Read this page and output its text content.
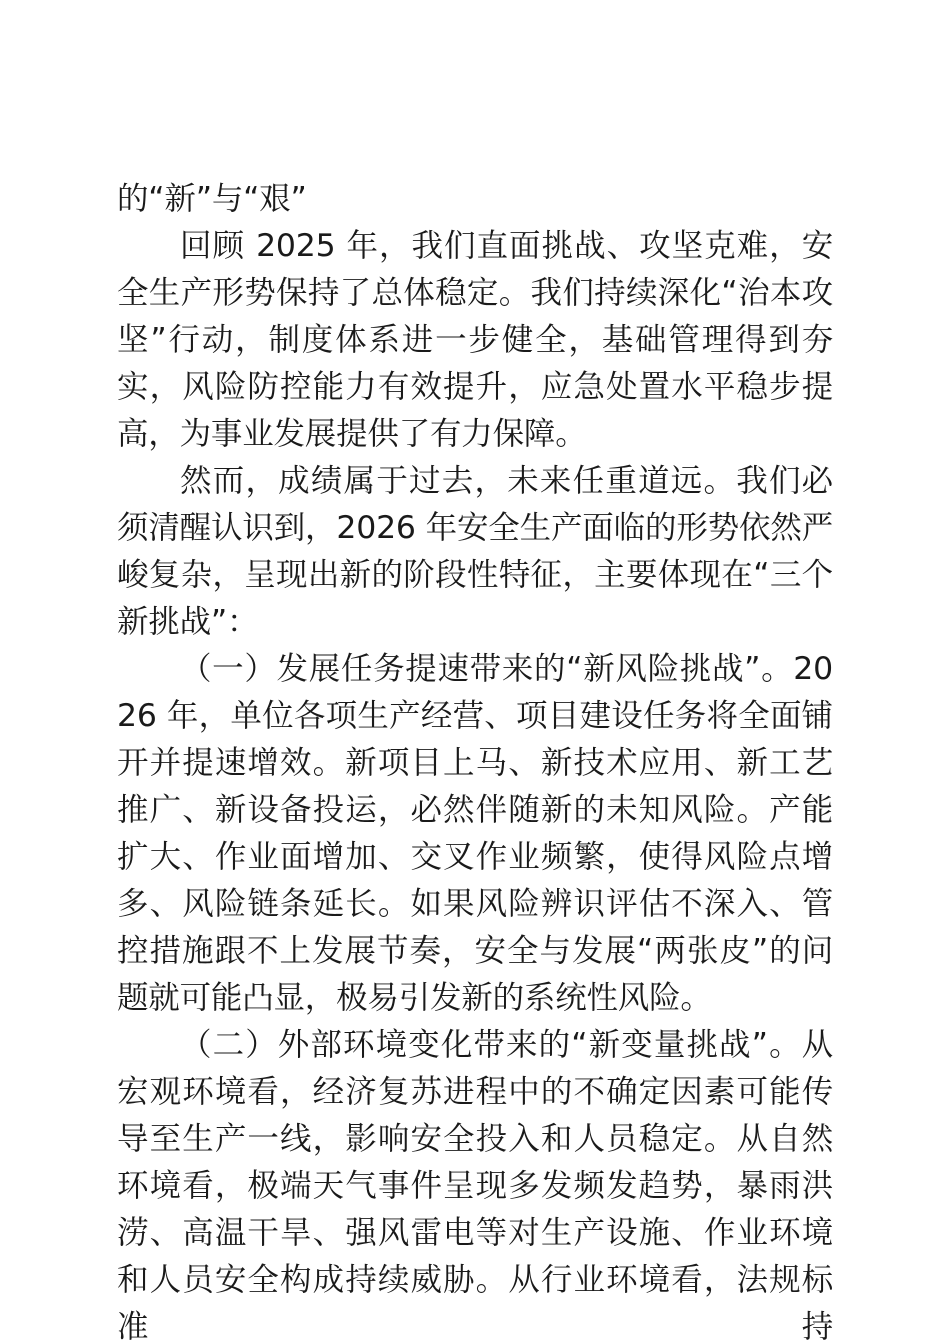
的“新”与“艰”

回顾 2025 年，我们直面挑战、攻坚克难，安全生产形势保持了总体稳定。我们持续深化“治本攻坚”行动，制度体系进一步健全，基础管理得到夯实，风险防控能力有效提升，应急处置水平稳步提高，为事业发展提供了有力保障。

然而，成绩属于过去，未来任重道远。我们必须清醒认识到，2026 年安全生产面临的形势依然严峻复杂，呈现出新的阶段性特征，主要体现在“三个新挑战”：

（一）发展任务提速带来的“新风险挑战”。2026 年，单位各项生产经营、项目建设任务将全面铺开并提速增效。新项目上马、新技术应用、新工艺推广、新设备投运，必然伴随新的未知风险。产能扩大、作业面增加、交叉作业频繁，使得风险点增多、风险链条延长。如果风险辨识评估不深入、管控措施跟不上发展节奏，安全与发展“两张皮”的问题就可能凸显，极易引发新的系统性风险。

（二）外部环境变化带来的“新变量挑战”。从宏观环境看，经济复苏进程中的不确定因素可能传导至生产一线，影响安全投入和人员稳定。从自然环境看，极端天气事件呈现多发频发趋势，暴雨洪涝、高温干旱、强风雷电等对生产设施、作业环境和人员安全构成持续威胁。从行业环境看，法规标准持
